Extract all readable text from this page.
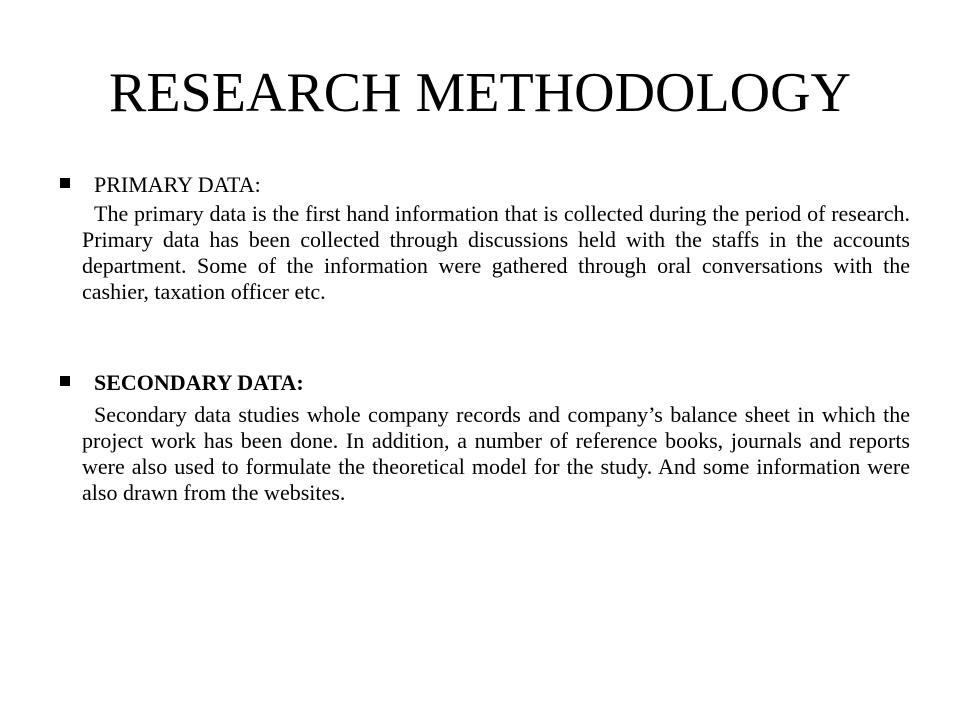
RESEARCH METHODOLOGY
PRIMARY DATA:

The primary data is the first hand information that is collected during the period of research. Primary data has been collected through discussions held with the staffs in the accounts department. Some of the information were gathered through oral conversations with the cashier, taxation officer etc.

SECONDARY DATA:

Secondary data studies whole company records and company’s balance sheet in which the project work has been done. In addition, a number of reference books, journals and reports were also used to formulate the theoretical model for the study. And some information were also drawn from the websites.
